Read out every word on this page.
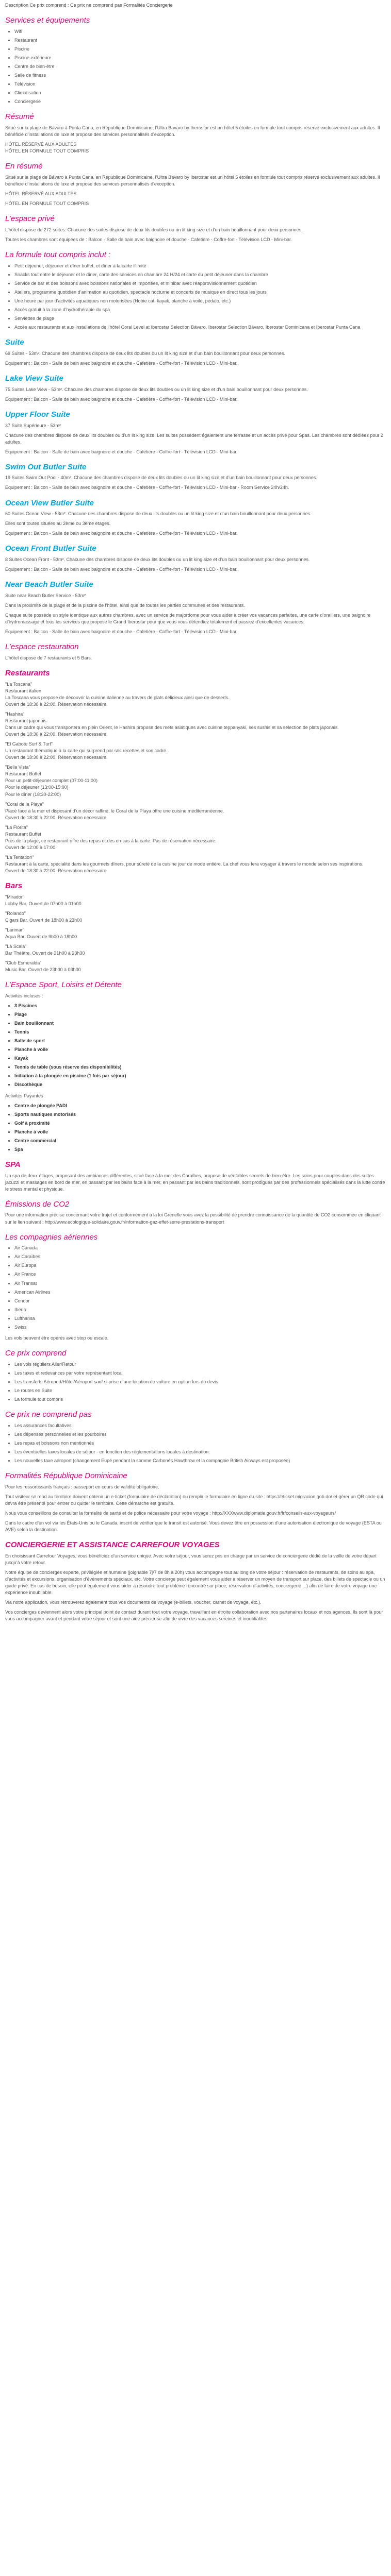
Description Ce prix comprend : Ce prix ne comprend pas Formalités Conciergerie

Services et équipements
• Wifi
• Restaurant
• Piscine
• Piscine extérieure
• Centre de bien-être
• Salle de fitness
• Télévision
• Climatisation
• Conciergerie
Résumé

Situé sur la plage de Bávaro à Punta Cana, en République Dominicaine, l’Ultra Bavaro by Iberostar est un hôtel 5 étoiles en formule tout compris réservé exclusivement aux adultes. Il bénéficie d’installations de luxe et propose des services personnalisés d'exception.

HÔTEL RÉSERVÉ AUX ADULTES

HÔTEL EN FORMULE TOUT COMPRIS

En résumé

Situé sur la plage de Bávaro à Punta Cana, en République Dominicaine, l’Ultra Bavaro by Iberostar est un hôtel 5 étoiles en formule tout compris réservé exclusivement aux adultes. Il bénéficie d’installations de luxe et propose des services personnalisés d'exception.

HÔTEL RÉSERVÉ AUX ADULTES

HÔTEL EN FORMULE TOUT COMPRIS

L’espace privé

L'hôtel dispose de 272 suites. Chacune des suites dispose de deux lits doubles ou un lit king size et d’un bain bouillonnant pour deux personnes.

Toutes les chambres sont équipées de : Balcon - Salle de bain avec baignoire et douche - Cafetière - Coffre-fort - Télévision LCD - Mini-bar.

La formule tout compris inclut :
• Petit déjeuner, déjeuner et dîner buffet, et dîner à la carte illimité
• Snacks tout entre le déjeuner et le dîner, carte des services en chambre 24 H/24 et carte du petit déjeuner dans la chambre
• Service de bar et des boissons avec boissons nationales et importées, et minibar avec réapprovisionnement quotidien
• Ateliers, programme quotidien d’animation au quotidien, spectacle nocturne et concerts de musique en direct tous les jours
• Une heure par jour d’activités aquatiques non motorisées (Hobie cat, kayak, planche à voile, pédalo, etc.)
• Accès gratuit à la zone d’hydrothérapie du spa
• Serviettes de plage
• Accès aux restaurants et aux installations de l’hôtel Coral Level at Iberostar Selection Bávaro, Iberostar Selection Bávaro, Iberostar Dominicana et Iberostar Punta Cana
Suite

69 Suites - 53m². Chacune des chambres dispose de deux lits doubles ou un lit king size et d’un bain bouillonnant pour deux personnes.

Équipement : Balcon - Salle de bain avec baignoire et douche - Cafetière - Coffre-fort - Télévision LCD - Mini-bar.

Lake View Suite

75 Suites Lake View - 53m². Chacune des chambres dispose de deux lits doubles ou un lit king size et d’un bain bouillonnant pour deux personnes.

Équipement : Balcon - Salle de bain avec baignoire et douche - Cafetière - Coffre-fort - Télévision LCD - Mini-bar.

Upper Floor Suite

37 Suite Supérieure - 53m²

Chacune des chambres dispose de deux lits doubles ou d’un lit king size. Les suites possèdent également une terrasse et un accès privé pour Spas. Les chambres sont dédiées pour 2 adultes.

Équipement : Balcon - Salle de bain avec baignoire et douche - Cafetière - Coffre-fort - Télévision LCD - Mini-bar.

Swim Out Butler Suite

19 Suites Swim Out Pool - 40m². Chacune des chambres dispose de deux lits doubles ou un lit king size et d’un bain bouillonnant pour deux personnes.

Équipement : Balcon - Salle de bain avec baignoire et douche - Cafetière - Coffre-fort - Télévision LCD - Mini-bar - Room Service 24h/24h.

Ocean View Butler Suite

60 Suites Ocean View - 53m². Chacune des chambres dispose de deux lits doubles ou un lit king size et d’un bain bouillonnant pour deux personnes.

Elles sont toutes situées au 2ème ou 3ème étages.

Équipement : Balcon - Salle de bain avec baignoire et douche - Cafetière - Coffre-fort - Télévision LCD - Mini-bar.

Ocean Front Butler Suite

8 Suites Ocean Front - 53m². Chacune des chambres dispose de deux lits doubles ou un lit king size et d’un bain bouillonnant pour deux personnes.

Équipement : Balcon - Salle de bain avec baignoire et douche - Cafetière - Coffre-fort - Télévision LCD - Mini-bar.

Near Beach Butler Suite

Suite near Beach Butler Service - 53m²

Dans la proximité de la plage et de la piscine de l’hôtel, ainsi que de toutes les parties communes et des restaurants.

Chaque suite possède un style identique aux autres chambres, avec un service de majordome pour vous aider à créer vos vacances parfaites, une carte d’oreillers, une baignoire d’hydromassage et tous les services que propose le Grand Iberostar pour que vous vous détendiez totalement et passiez d’excellentes vacances.

Équipement : Balcon - Salle de bain avec baignoire et douche - Cafetière - Coffre-fort - Télévision LCD - Mini-bar.

L’espace restauration

L'hôtel dispose de 7 restaurants et 5 Bars.

Restaurants

"La Toscana"

Restaurant italien

La Toscana vous propose de découvrir la cuisine italienne au travers de plats délicieux ainsi que de desserts.

Ouvert de 18:30 à 22:00. Réservation nécessaire.

"Hashira"

Restaurant japonais

Dans un cadre qui vous transportera en plein Orient, le Hashira propose des mets asiatiques avec cuisine teppanyaki, ses sushis et sa sélection de plats japonais.

Ouvert de 18:30 à 22:00. Réservation nécessaire.

"El Gabote Surf & Turf"

Un restaurant thématique à la carte qui surprend par ses recettes et son cadre.

Ouvert de 18:30 à 22:00. Réservation nécessaire.

"Bella Vista"

Restaurant Buffet

Pour un petit-déjeuner complet (07:00-11:00)

Pour le déjeuner (13:00-15:00)

Pour le dîner (18:30-22:00)

"Coral de la Playa"

Placé face à la mer et disposant d’un décor raffiné, le Coral de la Playa offre une cuisine méditerranéenne.

Ouvert de 18:30 à 22:00. Réservation nécessaire.

"La Florita"

Restaurant Buffet

Près de la plage, ce restaurant offre des repas et des en-cas à la carte. Pas de réservation nécessaire.

Ouvert de 12:00 à 17:00.

"La Tentation"

Restaurant à la carte, spécialité dans les gourmets dîners, pour sûreté de la cuisine jour de mode entière. La chef vous fera voyager à travers le monde selon ses inspirations.

Ouvert de 18:30 à 22:00. Réservation nécessaire.

Bars

"Mirador"

Lobby Bar. Ouvert de 07h00 à 01h00

"Rolando"

Cigars Bar. Ouvert de 18h00 à 23h00

"Larimar"

Aqua Bar. Ouvert de 9h00 à 18h00

"La Scala"

Bar Théâtre. Ouvert de 21h00 à 23h30

"Club Esmeralda"

Music Bar. Ouvert de 23h00 à 03h00

L’Espace Sport, Loisirs et Détente

Activités incluses :

• 3 Piscines
• Plage
• Bain bouillonnant
• Tennis
• Salle de sport
• Planche à voile
• Kayak
• Tennis de table (sous réserve des disponibilités)
• Initiation à la plongée en piscine (1 fois par séjour)
• Discothèque

Activités Payantes :

• Centre de plongée PADI
• Sports nautiques motorisés
• Golf à proximité
• Planche à voile
• Centre commercial
• Spa
SPA

Un spa de deux étages, proposant des ambiances différentes, situé face à la mer des Caraïbes, propose de véritables secrets de bien-être. Les soins pour couples dans des suites jacuzzi et massages en bord de mer, en passant par les bains face à la mer, en passant par les bains traditionnels, sont prodigués par des professionnels spécialisés dans la lutte contre le stress mental et physique.

Émissions de CO2

Pour une information précise concernant votre trajet et conformément à la loi Grenelle vous avez la possibilité de prendre connaissance de la quantité de CO2 consommée en cliquant sur le lien suivant : http://www.ecologique-solidaire.gouv.fr/information-gaz-effet-serre-prestations-transport

Les compagnies aériennes
• Air Canada
• Air Caraïbes
• Air Europa
• Air France
• Air Transat
• American Airlines
• Condor
• Iberia
• Lufthansa
• Swiss

Les vols peuvent être opérés avec stop ou escale.

Ce prix comprend
• Les vols réguliers Aller/Retour
• Les taxes et redevances par votre représentant local
• Les transferts Aéroport/Hôtel/Aéroport sauf si prise d’une location de voiture en option lors du devis
• Le routes en Suite
• La formule tout compris
Ce prix ne comprend pas
• Les assurances facultatives
• Les dépenses personnelles et les pourboires
• Les repas et boissons non mentionnés
• Les éventuelles taxes locales de séjour - en fonction des réglementations locales à destination.
• Les nouvelles taxe aéroport (changement Eupé pendant la somme Carbonés Hawthrow et la compagnie British Airways est proposée)
Formalités République Dominicaine

Pour les ressortissants français : passeport en cours de validité obligatoire.

Tout visiteur se rend au territoire doivent obtenir un e-ticket (formulaire de déclaration) ou remplir le formulaire en ligne du site : https://eticket.migracion.gob.do/ et gérer un QR code qui devra être présenté pour entrer ou quitter le territoire. Cette démarche est gratuite.

Nous vous conseillons de consulter la formalité de santé et de police nécessaire pour votre voyage : http://XXXwww.diplomatie.gouv.fr/fr/conseils-aux-voyageurs/

Dans le cadre d’un vol via les États-Unis ou le Canada, inscrit de vérifier que le transit est autorisé. Vous devez être en possession d’une autorisation électronique de voyage (ESTA ou AVE) selon la destination.

CONCIERGERIE ET ASSISTANCE CARREFOUR VOYAGES

En choisissant Carrefour Voyages, vous bénéficiez d’un service unique. Avec votre séjour, vous serez pris en charge par un service de conciergerie dédié de la veille de votre départ jusqu’à votre retour.

Notre équipe de concierges experte, privilégiée et humaine (joignable 7j/7 de 8h à 20h) vous accompagne tout au long de votre séjour : réservation de restaurants, de soins au spa, d’activités et excursions, organisation d’événements spéciaux, etc. Votre concierge peut également vous aider à réserver un moyen de transport sur place, des billets de spectacle ou un guide privé. En cas de besoin, elle peut également vous aider à résoudre tout problème rencontré sur place, réservation d’activités, conciergerie ...) afin de faire de votre voyage une expérience inoubliable.

Via notre application, vous retrouverez également tous vos documents de voyage (e-billets, voucher, carnet de voyage, etc.).

Vos concierges deviennent alors votre principal point de contact durant tout votre voyage, travaillant en étroite collaboration avec nos partenaires locaux et nos agences. Ils sont là pour vous accompagner avant et pendant votre séjour et sont une aide précieuse afin de vivre des vacances sereines et inoubliables.
